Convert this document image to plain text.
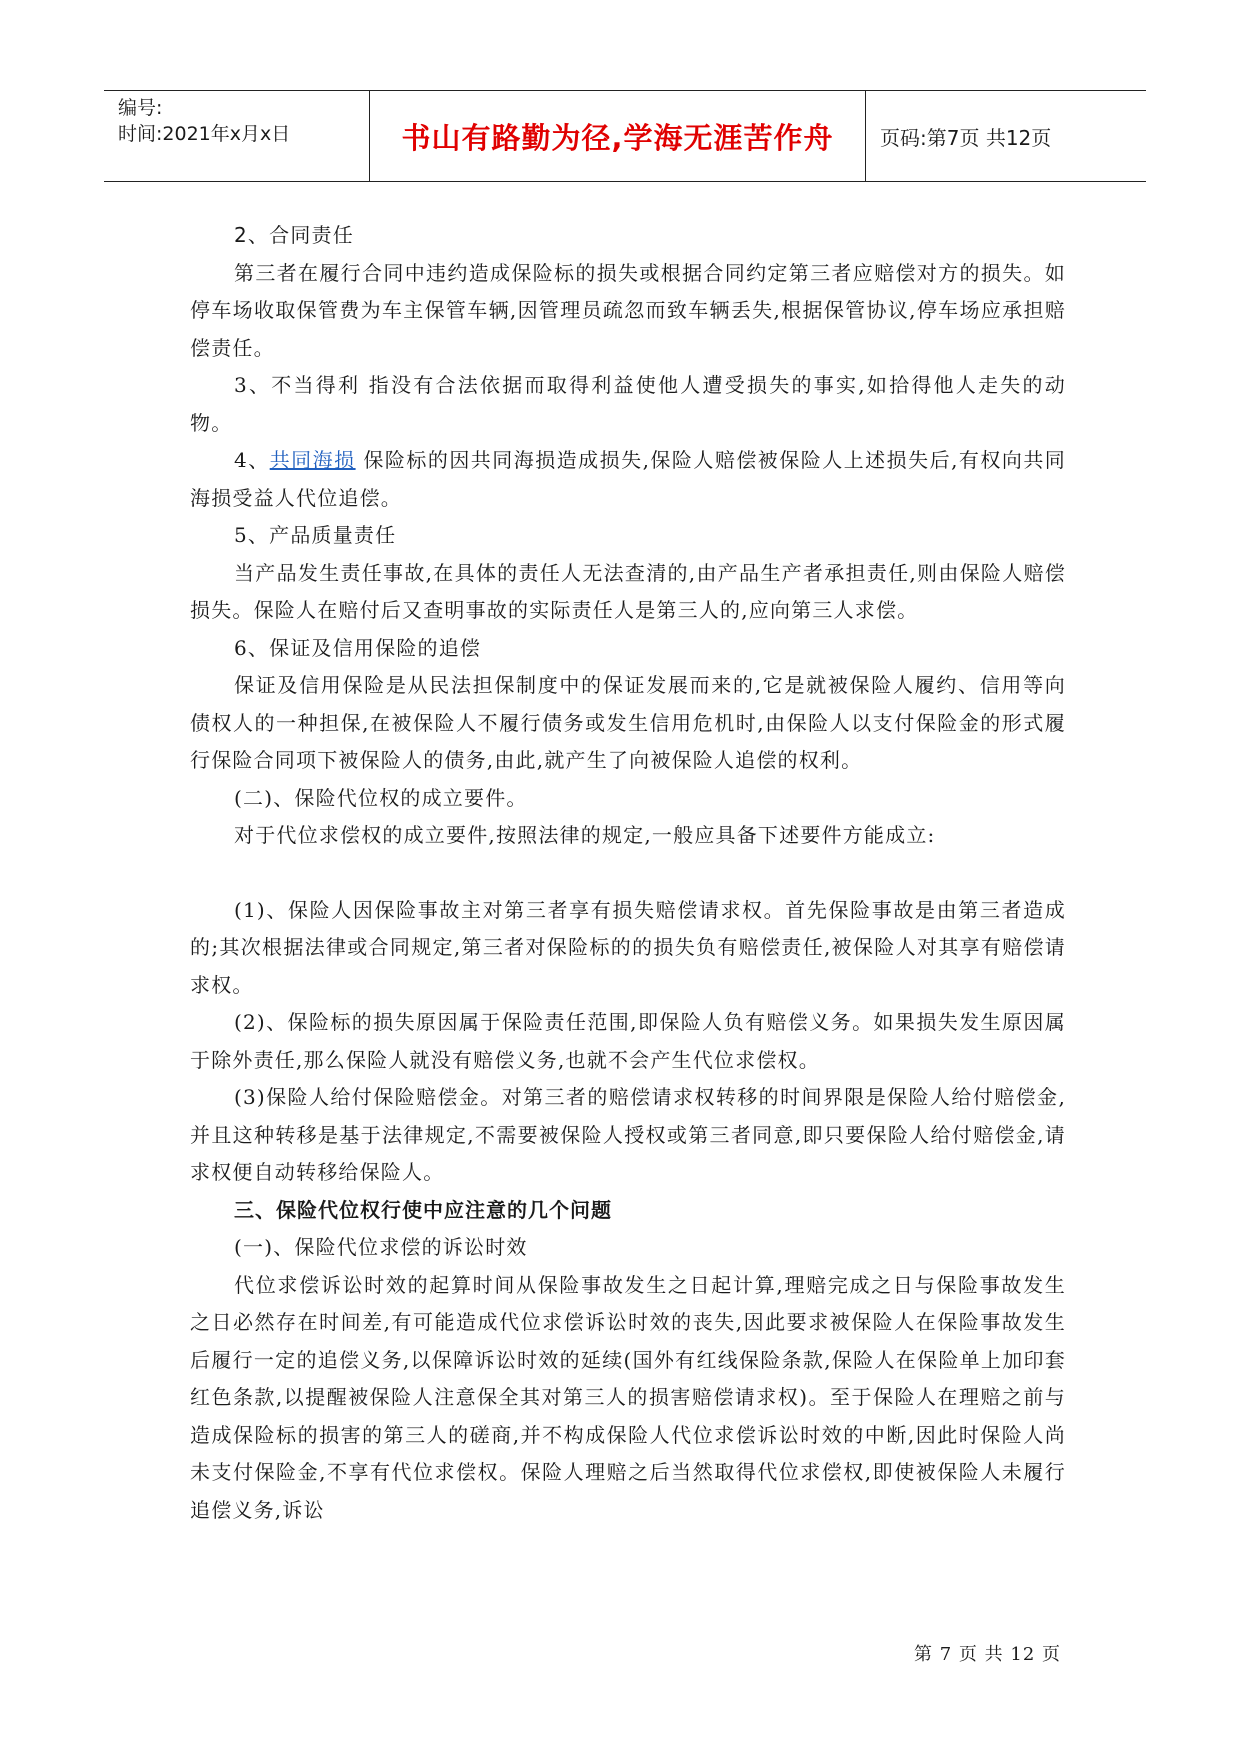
编号:
时间:2021年x月x日	书山有路勤为径,学海无涯苦作舟	页码:第7页 共12页

2、合同责任

第三者在履行合同中违约造成保险标的损失或根据合同约定第三者应赔偿对方的损失。如停车场收取保管费为车主保管车辆,因管理员疏忽而致车辆丢失,根据保管协议,停车场应承担赔偿责任。

3、不当得利 指没有合法依据而取得利益使他人遭受损失的事实,如拾得他人走失的动物。

4、共同海损 保险标的因共同海损造成损失,保险人赔偿被保险人上述损失后,有权向共同海损受益人代位追偿。

5、产品质量责任

当产品发生责任事故,在具体的责任人无法查清的,由产品生产者承担责任,则由保险人赔偿损失。保险人在赔付后又查明事故的实际责任人是第三人的,应向第三人求偿。

6、保证及信用保险的追偿

保证及信用保险是从民法担保制度中的保证发展而来的,它是就被保险人履约、信用等向债权人的一种担保,在被保险人不履行债务或发生信用危机时,由保险人以支付保险金的形式履行保险合同项下被保险人的债务,由此,就产生了向被保险人追偿的权利。

(二)、保险代位权的成立要件。

对于代位求偿权的成立要件,按照法律的规定,一般应具备下述要件方能成立:

(1)、保险人因保险事故主对第三者享有损失赔偿请求权。首先保险事故是由第三者造成的;其次根据法律或合同规定,第三者对保险标的的损失负有赔偿责任,被保险人对其享有赔偿请求权。

(2)、保险标的损失原因属于保险责任范围,即保险人负有赔偿义务。如果损失发生原因属于除外责任,那么保险人就没有赔偿义务,也就不会产生代位求偿权。

(3)保险人给付保险赔偿金。对第三者的赔偿请求权转移的时间界限是保险人给付赔偿金,并且这种转移是基于法律规定,不需要被保险人授权或第三者同意,即只要保险人给付赔偿金,请求权便自动转移给保险人。

三、保险代位权行使中应注意的几个问题

(一)、保险代位求偿的诉讼时效

代位求偿诉讼时效的起算时间从保险事故发生之日起计算,理赔完成之日与保险事故发生之日必然存在时间差,有可能造成代位求偿诉讼时效的丧失,因此要求被保险人在保险事故发生后履行一定的追偿义务,以保障诉讼时效的延续(国外有红线保险条款,保险人在保险单上加印套红色条款,以提醒被保险人注意保全其对第三人的损害赔偿请求权)。至于保险人在理赔之前与造成保险标的损害的第三人的磋商,并不构成保险人代位求偿诉讼时效的中断,因此时保险人尚未支付保险金,不享有代位求偿权。保险人理赔之后当然取得代位求偿权,即使被保险人未履行追偿义务,诉讼

第 7 页 共 12 页
